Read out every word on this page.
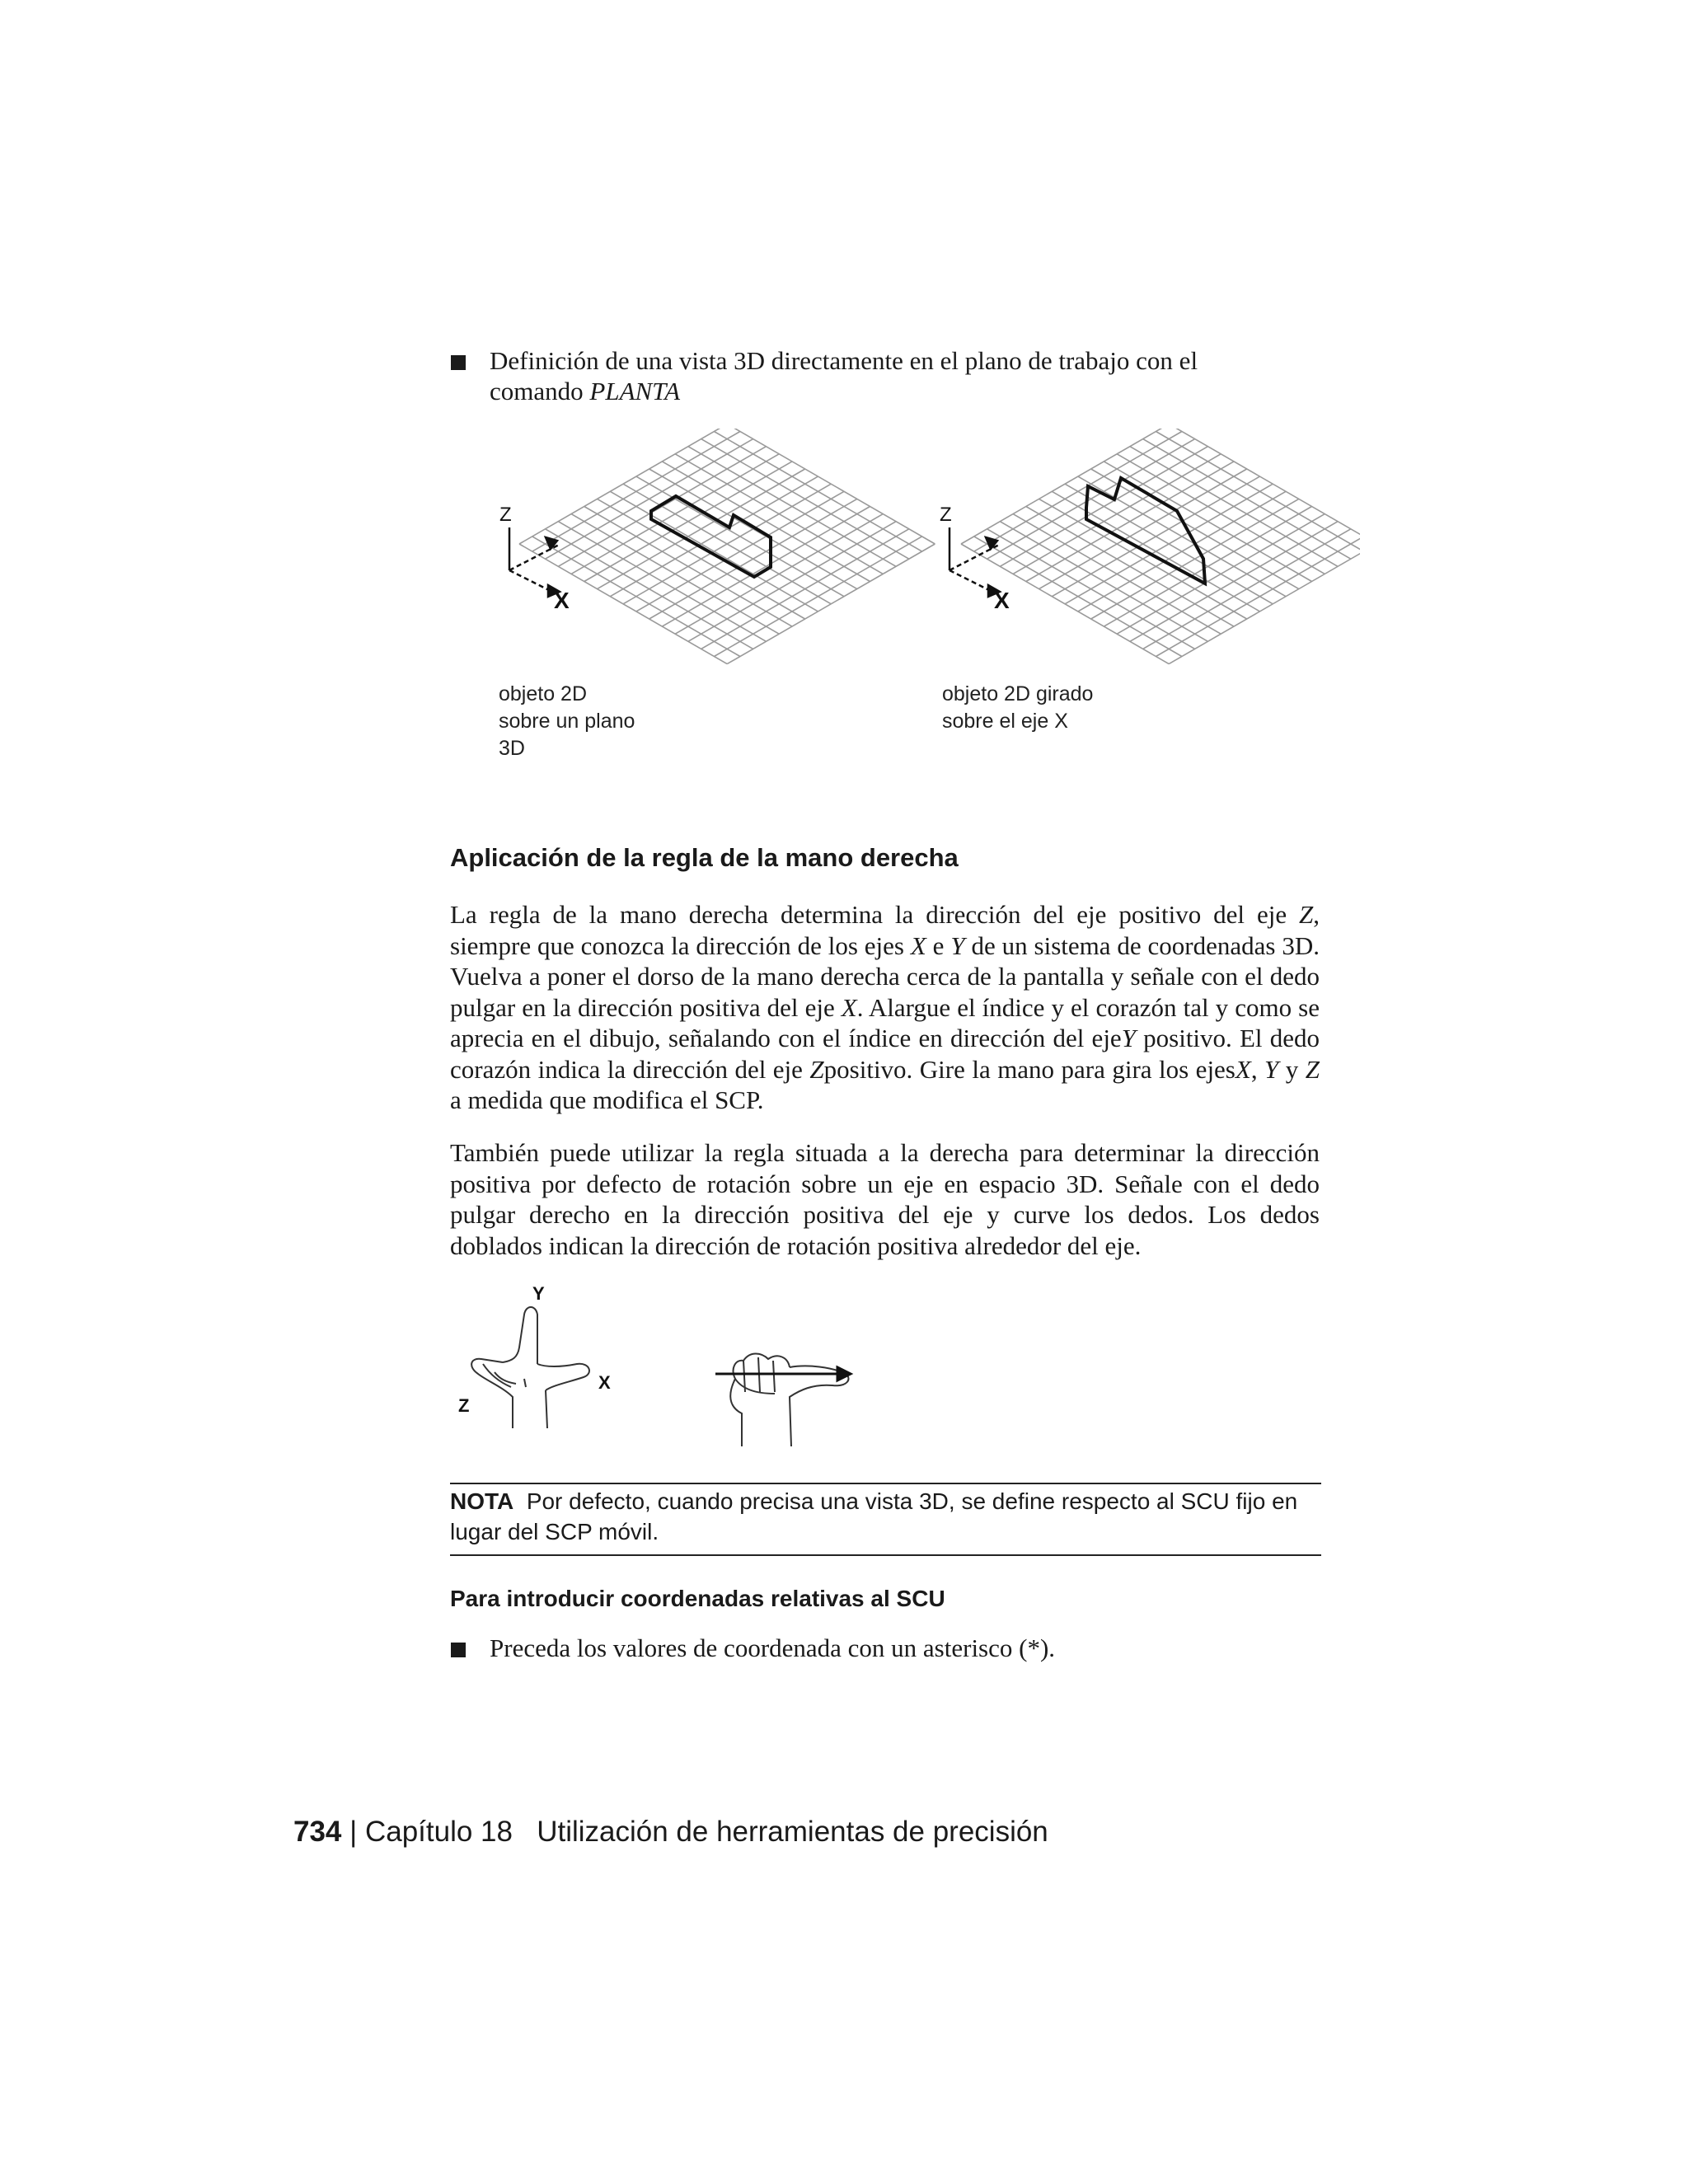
Definición de una vista 3D directamente en el plano de trabajo con el
comando PLANTA
Z
X
Z
X
objeto 2D
sobre un plano
3D
objeto 2D girado
sobre el eje X
Aplicación de la regla de la mano derecha
La regla de la mano derecha determina la dirección del eje positivo del eje Z, siempre que conozca la dirección de los ejes X e Y de un sistema de coordenadas 3D. Vuelva a poner el dorso de la mano derecha cerca de la pantalla y señale con el dedo pulgar en la dirección positiva del eje X. Alargue el índice y el corazón tal y como se aprecia en el dibujo, señalando con el índice en dirección del ejeY positivo. El dedo corazón indica la dirección del eje Zpositivo. Gire la mano para gira los ejesX, Y y Z a medida que modifica el SCP.
También puede utilizar la regla situada a la derecha para determinar la dirección positiva por defecto de rotación sobre un eje en espacio 3D. Señale con el dedo pulgar derecho en la dirección positiva del eje y curve los dedos. Los dedos doblados indican la dirección de rotación positiva alrededor del eje.
Y
X
Z
NOTA Por defecto, cuando precisa una vista 3D, se define respecto al SCU fijo en lugar del SCP móvil.
Para introducir coordenadas relativas al SCU
Preceda los valores de coordenada con un asterisco (*).
734 | Capítulo 18 Utilización de herramientas de precisión
